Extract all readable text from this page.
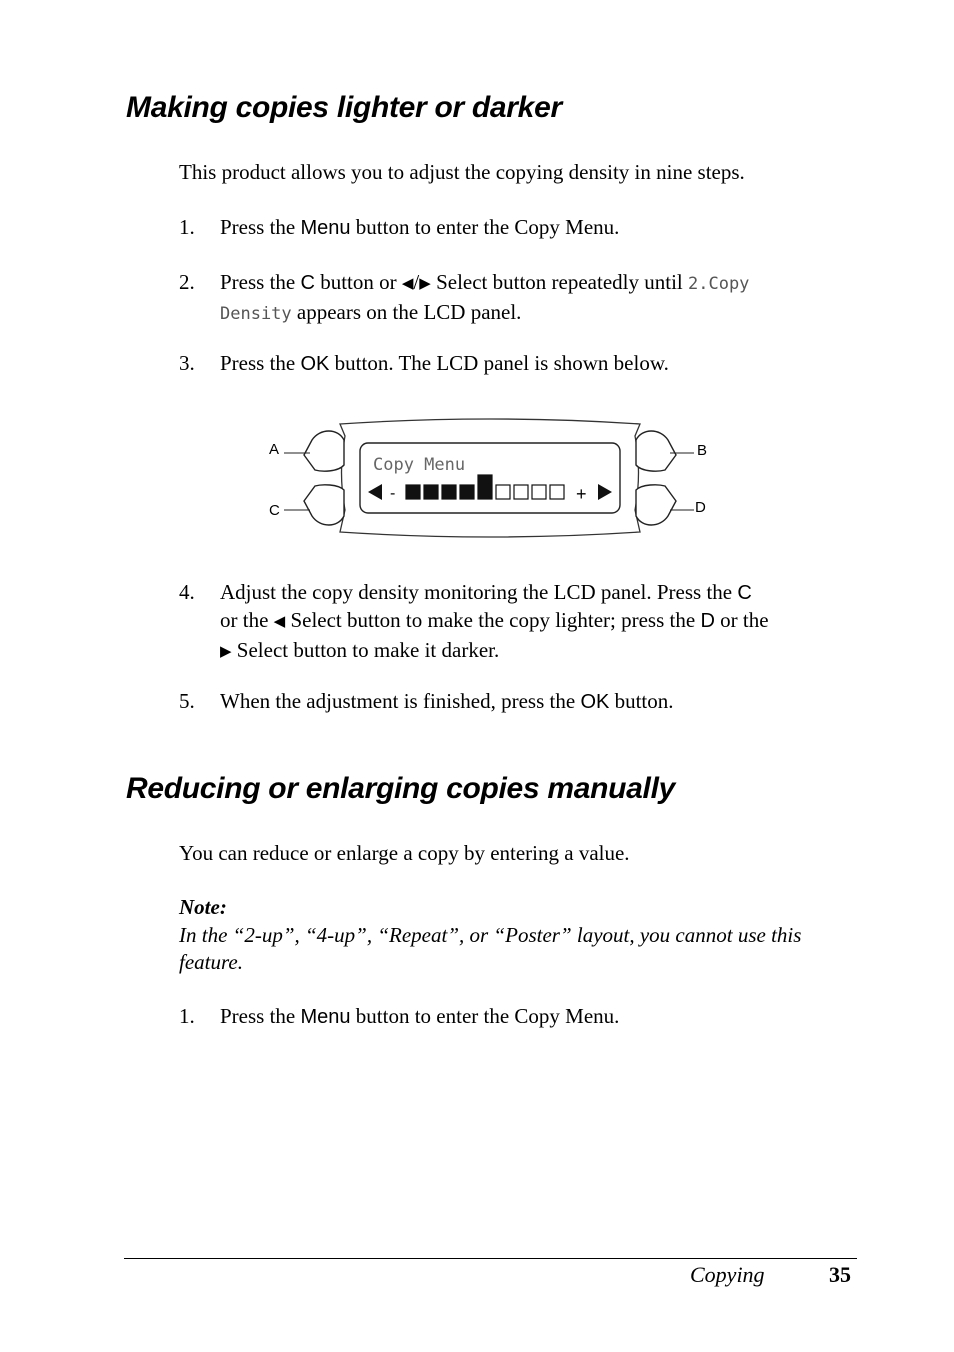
Making copies lighter or darker
This product allows you to adjust the copying density in nine steps.
1. Press the Menu button to enter the Copy Menu.
2. Press the C button or ◀/▶ Select button repeatedly until 2.Copy
Density appears on the LCD panel.
3. Press the OK button. The LCD panel is shown below.
A
C
B
D
Copy Menu
-	+
4. Adjust the copy density monitoring the LCD panel. Press the C
or the ◀ Select button to make the copy lighter; press the D or the
▶ Select button to make it darker.
5. When the adjustment is finished, press the OK button.
Reducing or enlarging copies manually
You can reduce or enlarge a copy by entering a value.
Note:
In the “2-up”, “4-up”, “Repeat”, or “Poster” layout, you cannot use this
feature.
1. Press the Menu button to enter the Copy Menu.
Copying	35
